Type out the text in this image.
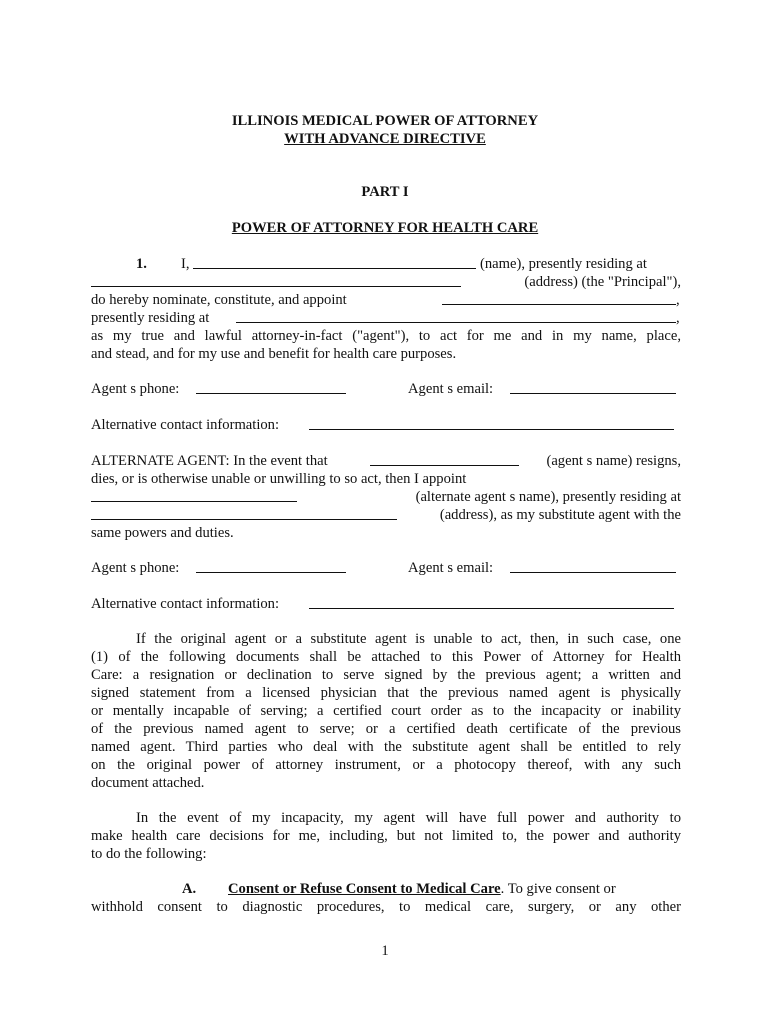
ILLINOIS MEDICAL POWER OF ATTORNEY
WITH ADVANCE DIRECTIVE
PART I
POWER OF ATTORNEY FOR HEALTH CARE
1. I,	(name), presently residing at
(address) (the "Principal"),
do hereby nominate, constitute, and appoint	,
presently residing at	,
as my true and lawful attorney-in-fact ("agent"), to act for me and in my name, place,
and stead, and for my use and benefit for health care purposes.
Agent s phone:	Agent s email:
Alternative contact information:
ALTERNATE AGENT: In the event that	(agent s name) resigns,
dies, or is otherwise unable or unwilling to so act, then I appoint
(alternate agent s name), presently residing at
(address), as my substitute agent with the
same powers and duties.
Agent s phone:	Agent s email:
Alternative contact information:
If the original agent or a substitute agent is unable to act, then, in such case, one
(1) of the following documents shall be attached to this Power of Attorney for Health
Care: a resignation or declination to serve signed by the previous agent; a written and
signed statement from a licensed physician that the previous named agent is physically
or mentally incapable of serving; a certified court order as to the incapacity or inability
of the previous named agent to serve; or a certified death certificate of the previous
named agent. Third parties who deal with the substitute agent shall be entitled to rely
on the original power of attorney instrument, or a photocopy thereof, with any such
document attached.
In the event of my incapacity, my agent will have full power and authority to
make health care decisions for me, including, but not limited to, the power and authority
to do the following:
A. Consent or Refuse Consent to Medical Care. To give consent or
withhold consent to diagnostic procedures, to medical care, surgery, or any other
1
